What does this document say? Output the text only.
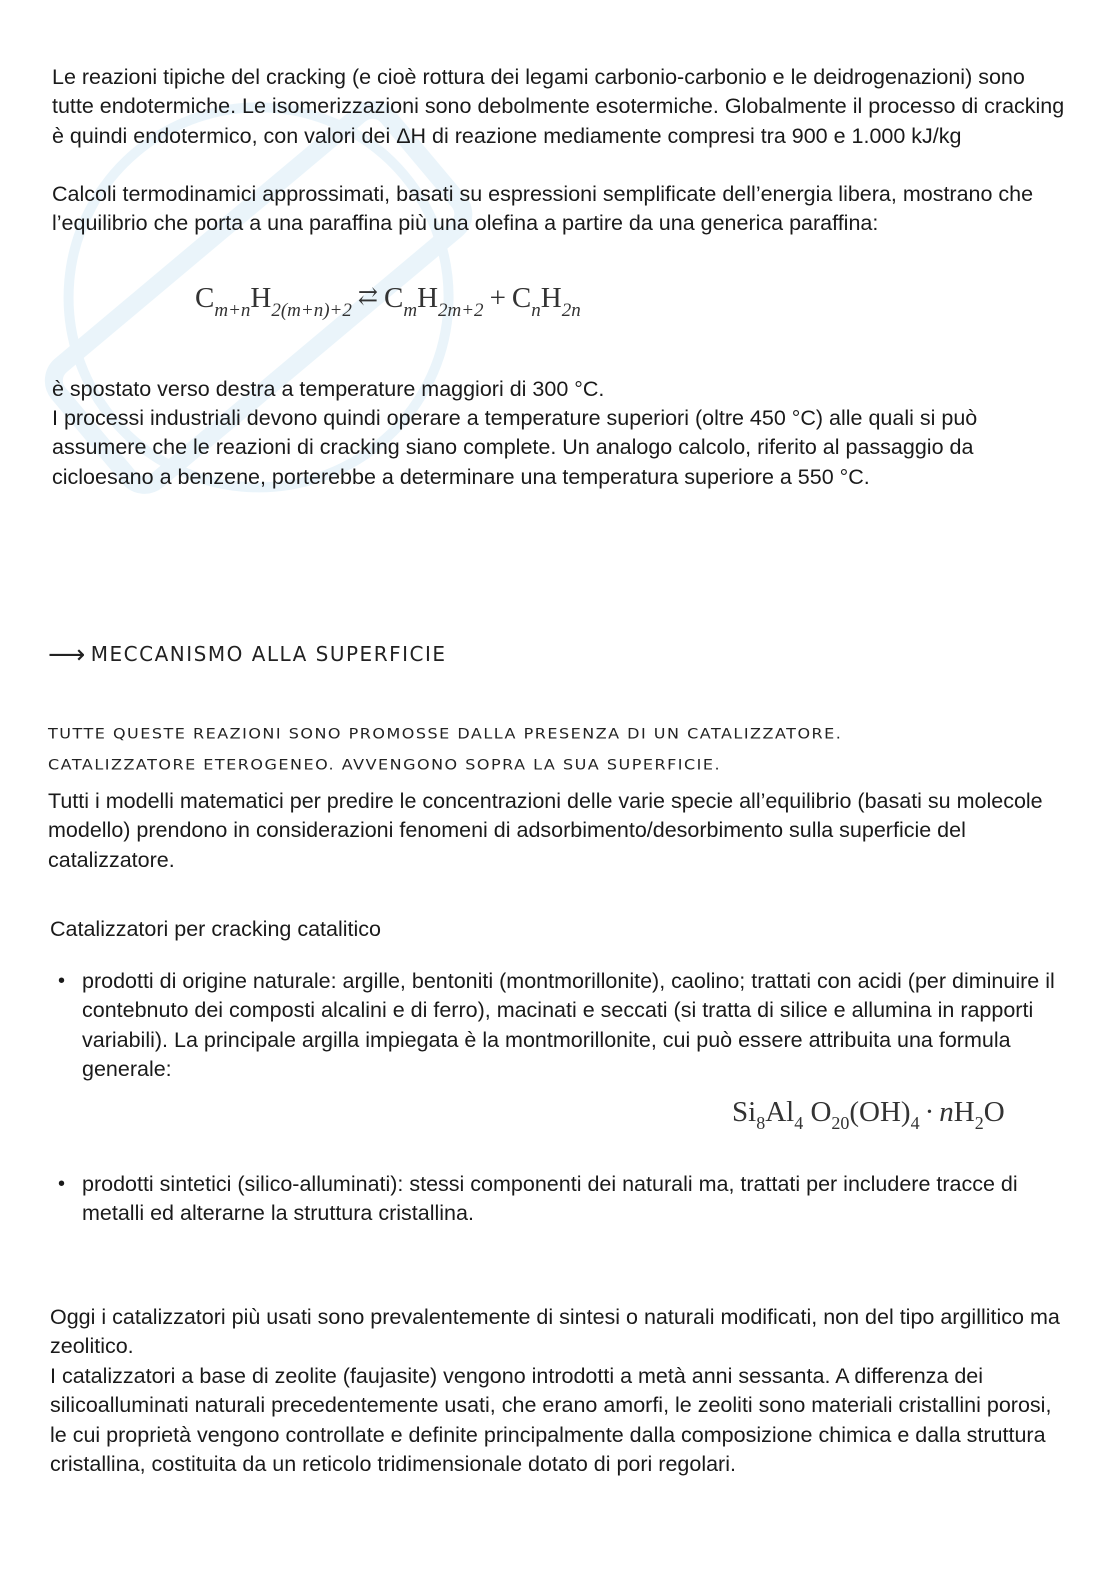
Le reazioni tipiche del cracking (e cioè rottura dei legami carbonio-carbonio e le deidrogenazioni) sono tutte endotermiche. Le isomerizzazioni sono debolmente esotermiche. Globalmente il processo di cracking è quindi endotermico, con valori dei ΔH di reazione mediamente compresi tra 900 e 1.000 kJ/kg

Calcoli termodinamici approssimati, basati su espressioni semplificate dell’energia libera, mostrano che l’equilibrio che porta a una paraffina più una olefina a partire da una generica paraffina:

$C_{m+n}H_{2(m+n)+2}⇄$ $C_mH_{2m+2} + C_nH_{2n}$

è spostato verso destra a temperature maggiori di 300 °C.

I processi industriali devono quindi operare a temperature superiori (oltre 450 °C) alle quali si può assumere che le reazioni di cracking siano complete. Un analogo calcolo, riferito al passaggio da cicloesano a benzene, porterebbe a determinare una temperatura superiore a 550 °C.

⟶ MECCANISMO ALLA SUPERFICIE
TUTTE QUESTE REAZIONI SONO PROMOSSE DALLA PRESENZA DI UN CATALIZZATORE.
CATALIZZATORE ETEROGENEO. AVVENGONO SOPRA LA SUA SUPERFICIE.

Tutti i modelli matematici per predire le concentrazioni delle varie specie all’equilibrio (basati su molecole modello) prendono in considerazioni fenomeni di adsorbimento/desorbimento sulla superficie del catalizzatore.

Catalizzatori per cracking catalitico

• prodotti di origine naturale: argille, bentoniti (montmorillonite), caolino; trattati con acidi (per diminuire il contebnuto dei composti alcalini e di ferro), macinati e seccati (si tratta di silice e allumina in rapporti variabili). La principale argilla impiegata è la montmorillonite, cui può essere attribuita una formula generale:
$Si_8Al_4$ $O_{20}(OH)_4 \cdot nH_2O$
• prodotti sintetici (silico-alluminati): stessi componenti dei naturali ma, trattati per includere tracce di metalli ed alterarne la struttura cristallina.

Oggi i catalizzatori più usati sono prevalentemente di sintesi o naturali modificati, non del tipo argillitico ma zeolitico.

I catalizzatori a base di zeolite (faujasite) vengono introdotti a metà anni sessanta. A differenza dei silicoalluminati naturali precedentemente usati, che erano amorfi, le zeoliti sono materiali cristallini porosi, le cui proprietà vengono controllate e definite principalmente dalla composizione chimica e dalla struttura cristallina, costituita da un reticolo tridimensionale dotato di pori regolari.
